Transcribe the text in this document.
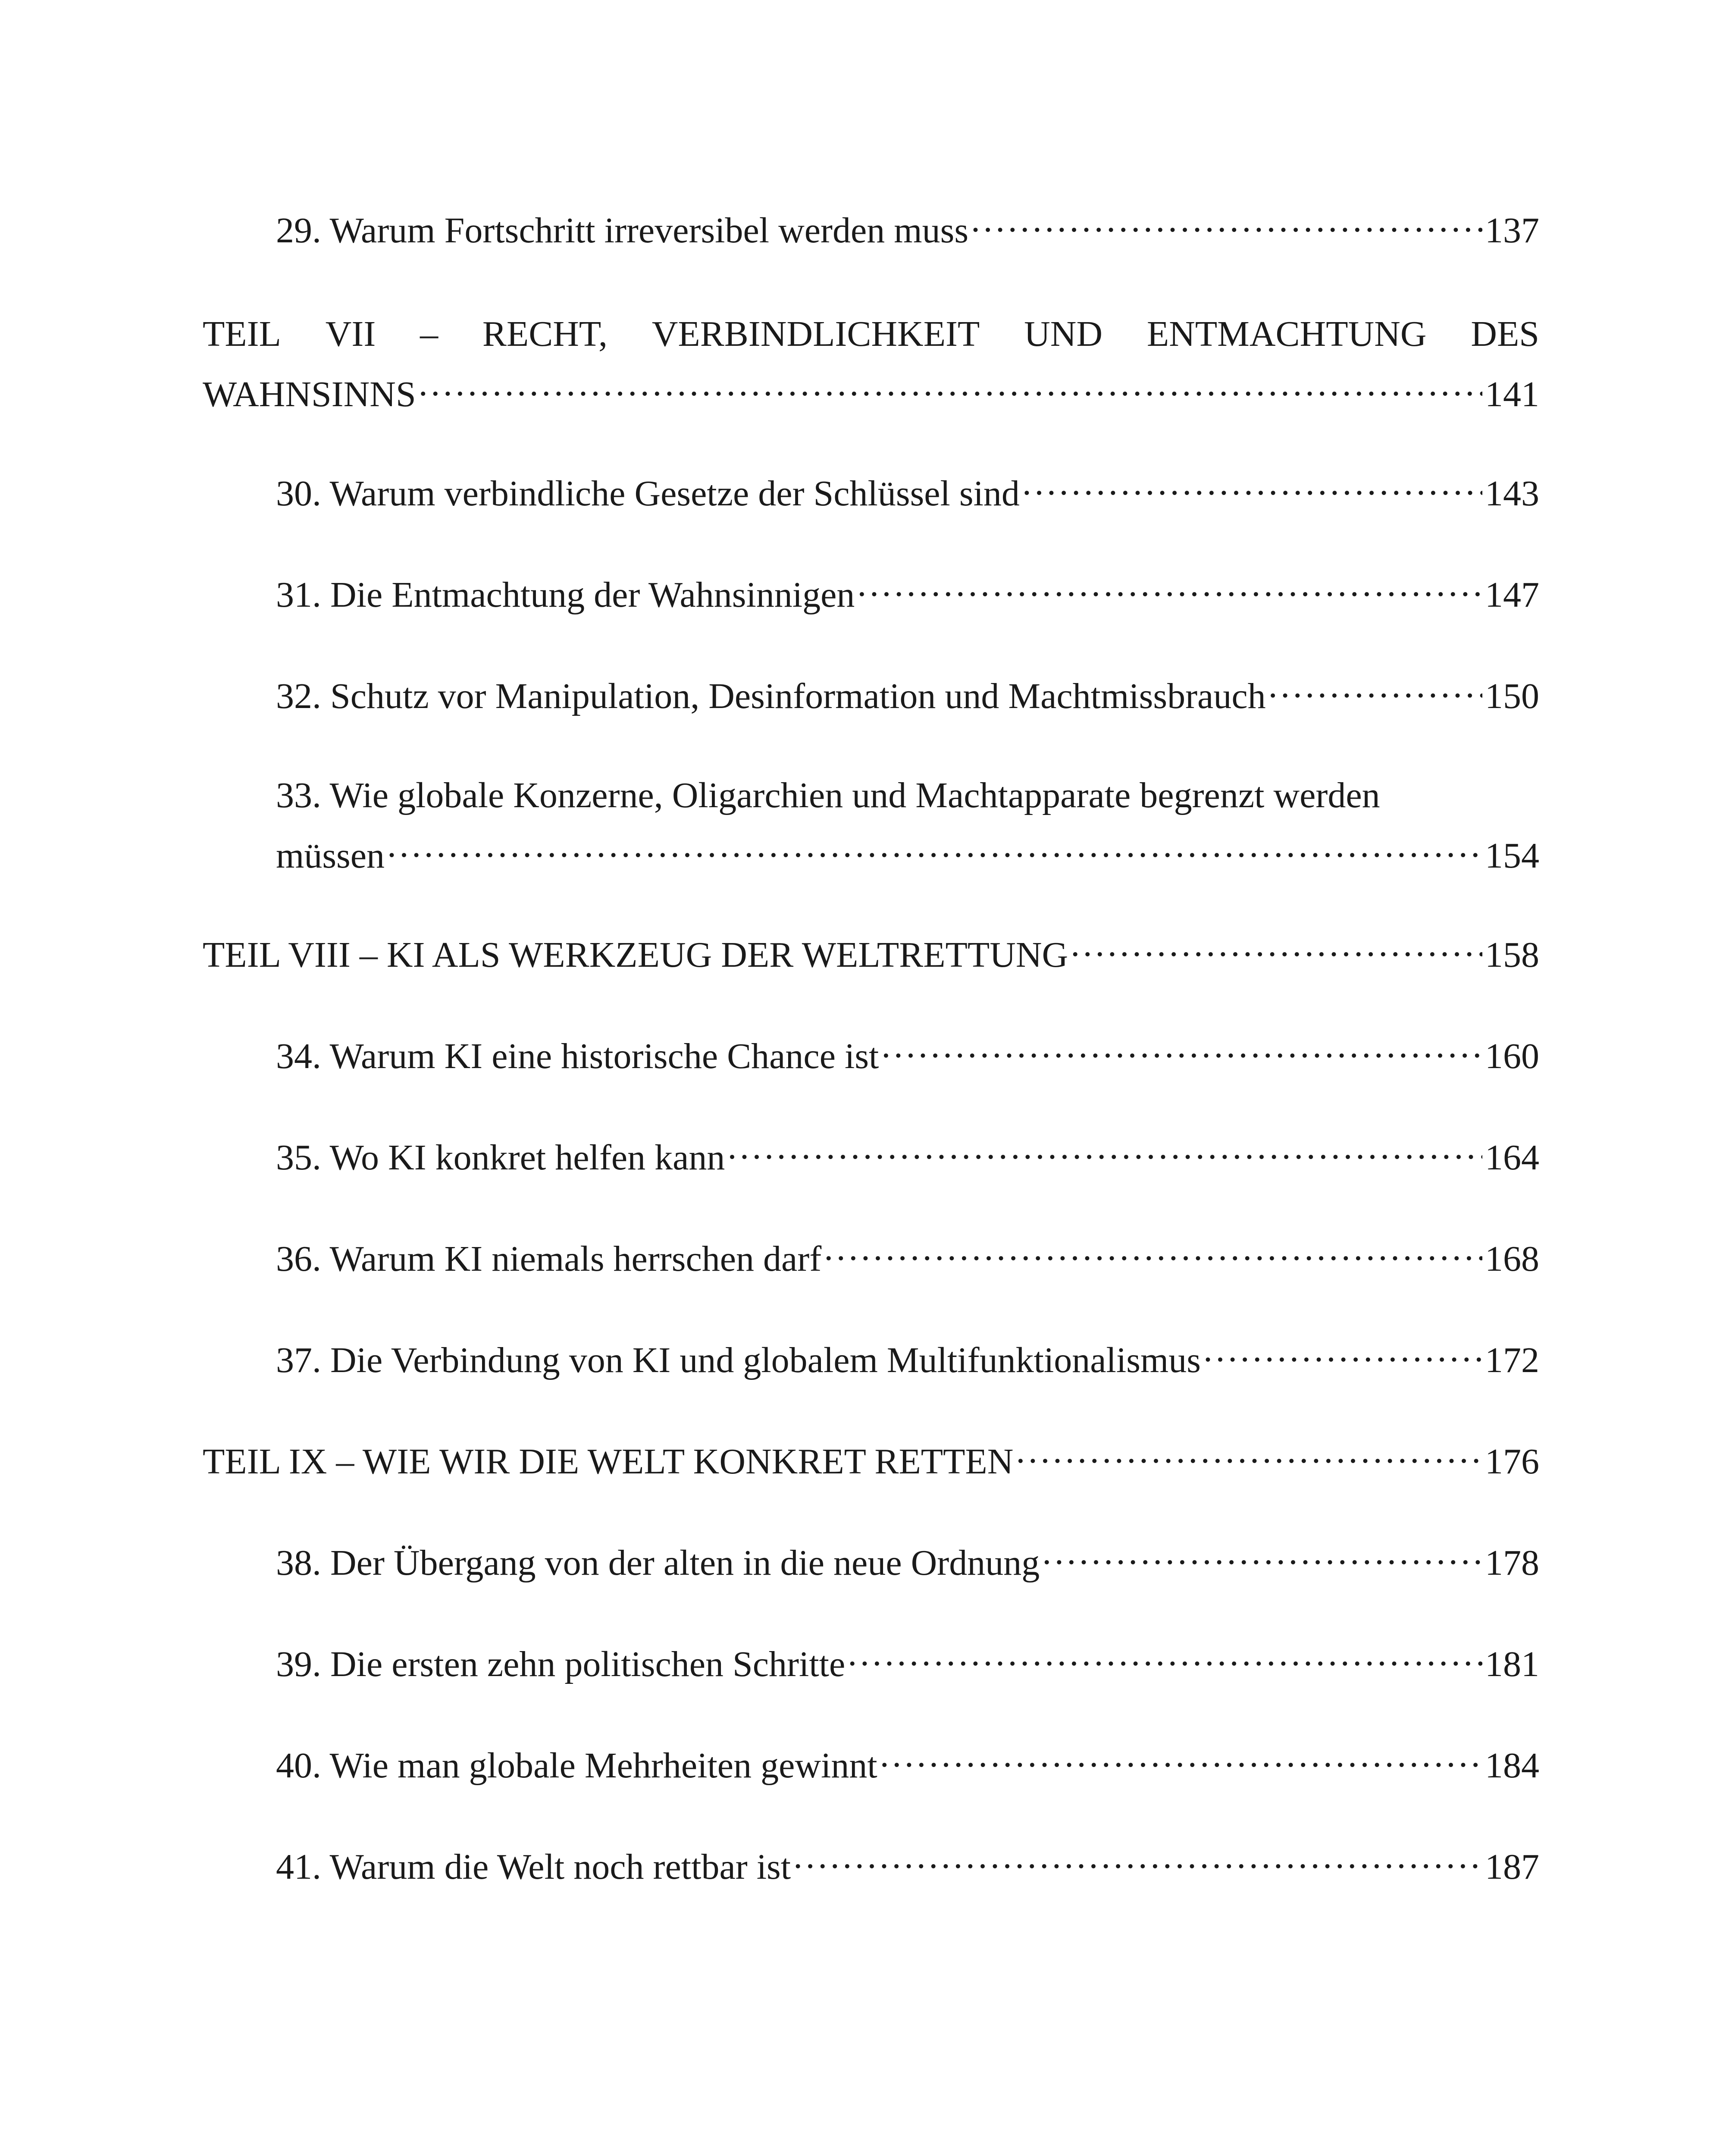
29. Warum Fortschritt irreversibel werden muss . . .	137
TEIL VII – RECHT, VERBINDLICHKEIT UND ENTMACHTUNG DES
WAHNSINNS . . .	141
30. Warum verbindliche Gesetze der Schlüssel sind . . .	143
31. Die Entmachtung der Wahnsinnigen . . .	147
32. Schutz vor Manipulation, Desinformation und Machtmissbrauch . . .	150
33. Wie globale Konzerne, Oligarchien und Machtapparate begrenzt werden
müssen . . .	154
TEIL VIII – KI ALS WERKZEUG DER WELTRETTUNG . . .	158
34. Warum KI eine historische Chance ist . . .	160
35. Wo KI konkret helfen kann . . .	164
36. Warum KI niemals herrschen darf . . .	168
37. Die Verbindung von KI und globalem Multifunktionalismus . . .	172
TEIL IX – WIE WIR DIE WELT KONKRET RETTEN . . .	176
38. Der Übergang von der alten in die neue Ordnung . . .	178
39. Die ersten zehn politischen Schritte . . .	181
40. Wie man globale Mehrheiten gewinnt . . .	184
41. Warum die Welt noch rettbar ist . . .	187
